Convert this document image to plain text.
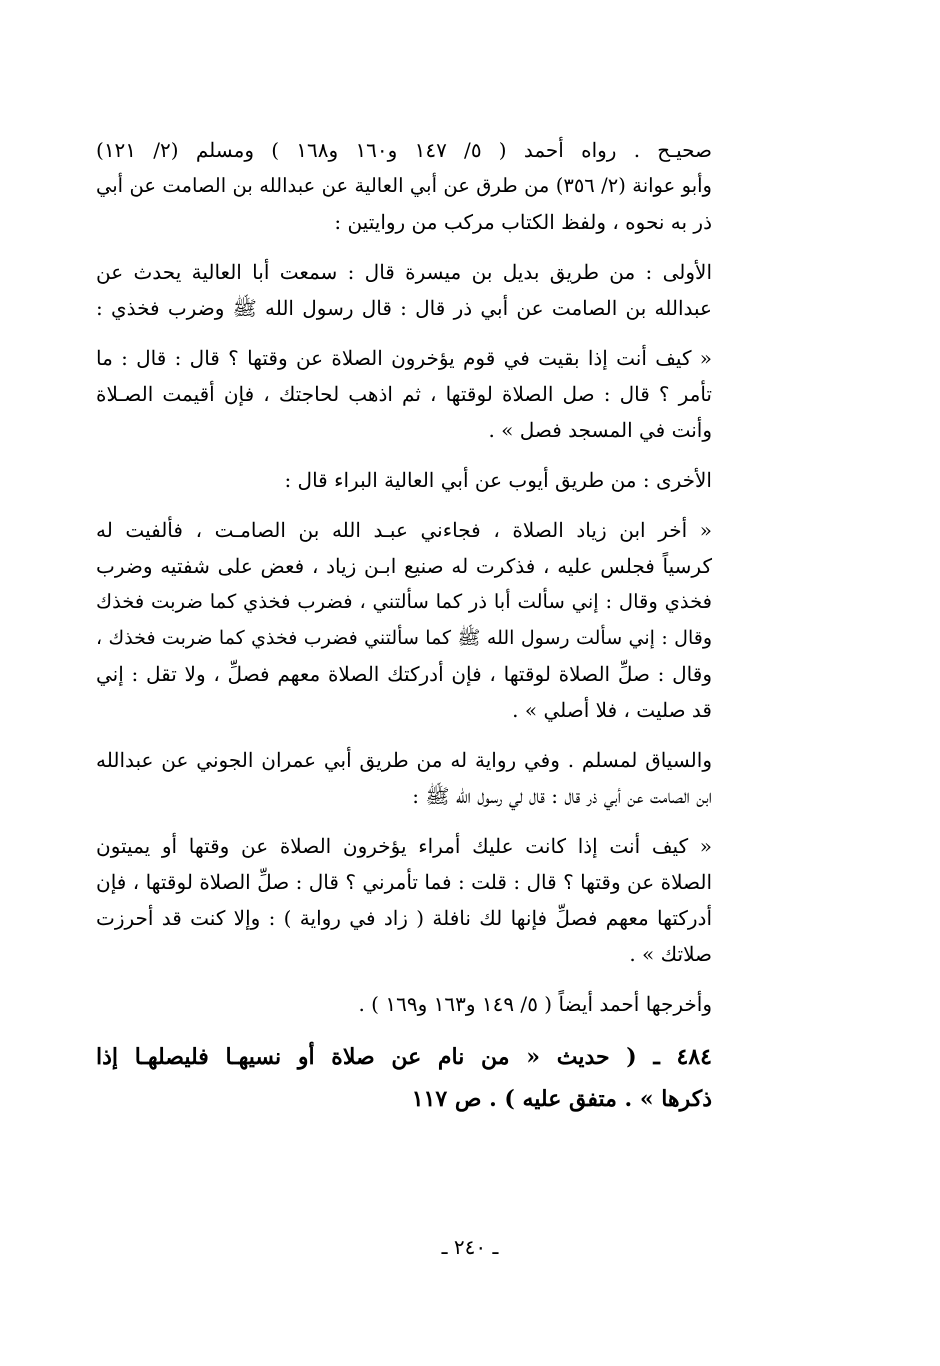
صحيـح . رواه أحمد ( ٥/ ١٤٧ و١٦٠ و١٦٨ ) ومسلم (٢/ ١٢١)
وأبو عوانة (٢/ ٣٥٦) من طرق عن أبي العالية عن عبدالله بن الصامت عن أبي
ذر به نحوه ، ولفظ الكتاب مركب من روايتين :
الأولى : من طريق بديل بن ميسرة قال : سمعت أبا العالية يحدث عن
عبدالله بن الصامت عن أبي ذر قال : قال رسول الله ﷺ وضرب فخذي :
« كيف أنت إذا بقيت في قوم يؤخرون الصلاة عن وقتها ؟ قال : قال : ما
تأمر ؟ قال : صل الصلاة لوقتها ، ثم اذهب لحاجتك ، فإن أقيمت الصـلاة
وأنت في المسجد فصل » .
الأخرى : من طريق أيوب عن أبي العالية البراء قال :
« أخر ابن زياد الصلاة ، فجاءني عبـد الله بن الصامـت ، فألفيت له
كرسياً فجلس عليه ، فذكرت له صنيع ابـن زياد ، فعض على شفتيه وضرب
فخذي وقال : إني سألت أبا ذر كما سألتني ، فضرب فخذي كما ضربت فخذك
وقال : إني سألت رسول الله ﷺ كما سألتني فضرب فخذي كما ضربت فخذك ،
وقال : صلِّ الصلاة لوقتها ، فإن أدركتك الصلاة معهم فصلِّ ، ولا تقل : إني
قد صليت ، فلا أصلي » .
والسياق لمسلم . وفي رواية له من طريق أبي عمران الجوني عن عبدالله
ابن الصامت عن أبي ذر قال : قال لي رسول الله ﷺ :
« كيف أنت إذا كانت عليك أمراء يؤخرون الصلاة عن وقتها أو يميتون
الصلاة عن وقتها ؟ قال : قلت : فما تأمرني ؟ قال : صلِّ الصلاة لوقتها ، فإن
أدركتها معهم فصلِّ فإنها لك نافلة ( زاد في رواية ) : وإلا كنت قد أحرزت
صلاتك » .
وأخرجها أحمد أيضاً ( ٥/ ١٤٩ و١٦٣ و١٦٩ ) .
٤٨٤ ـ ( حديث « من نام عن صلاة أو نسيهـا فليصلهـا إذا
ذكرها » . متفق عليه ) . ص ١١٧
ـ ٢٤٠ ـ
